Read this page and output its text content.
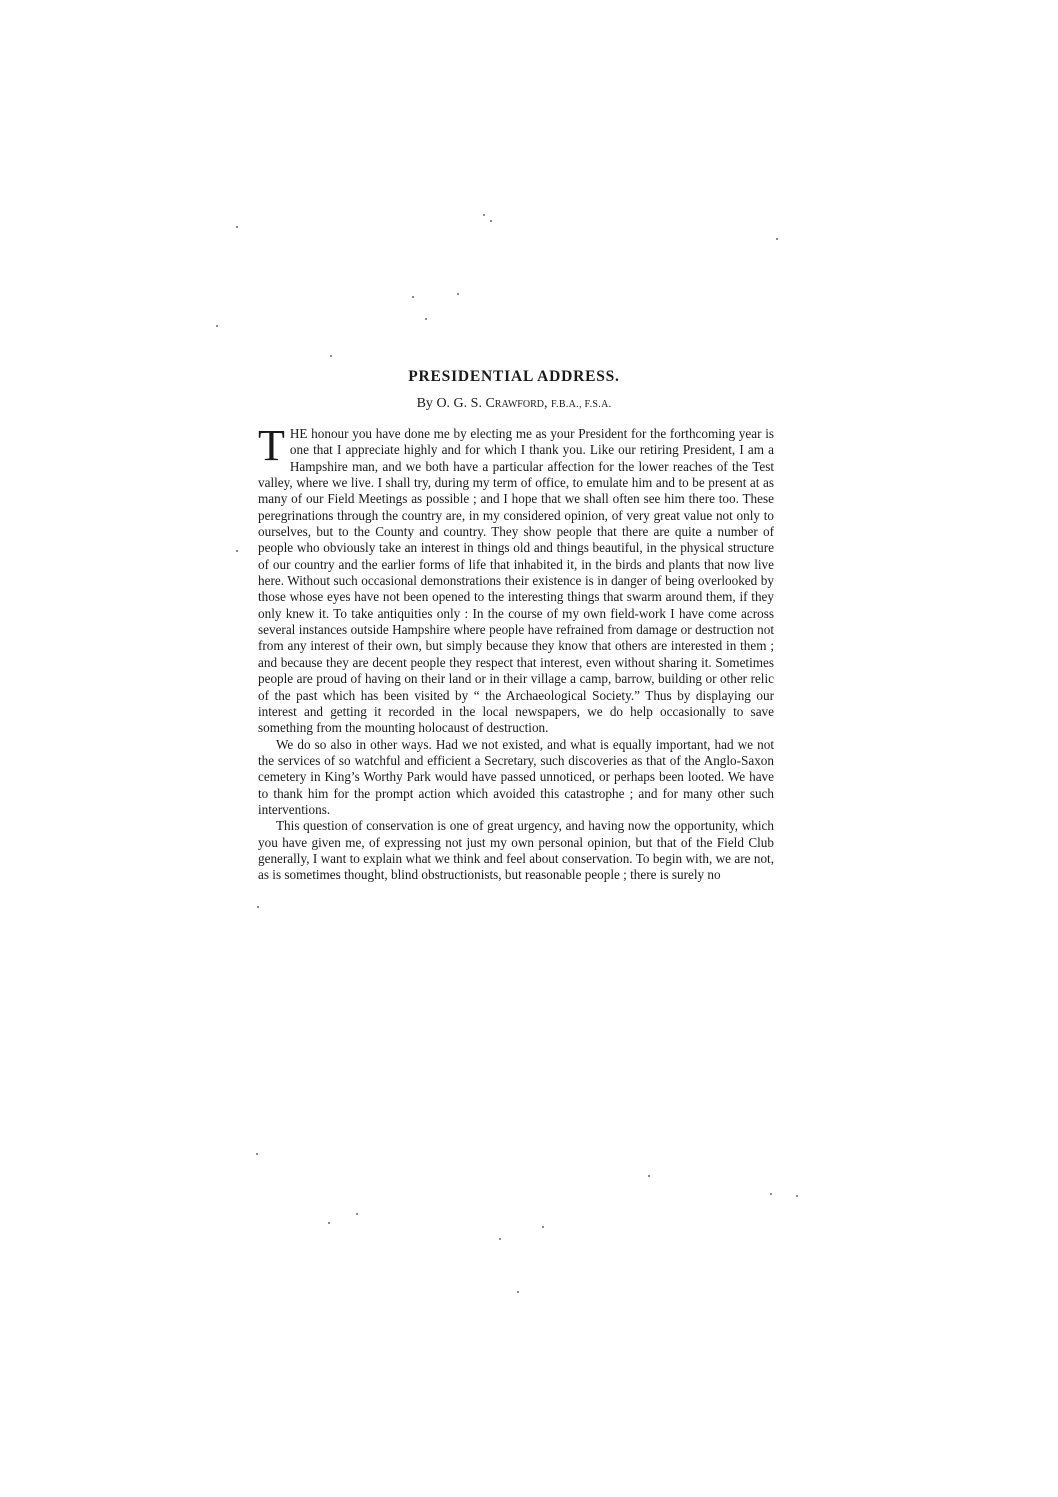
PRESIDENTIAL ADDRESS.

By O. G. S. Crawford, F.B.A., F.S.A.

THE honour you have done me by electing me as your President for the forthcoming year is one that I appreciate highly and for which I thank you. Like our retiring President, I am a Hampshire man, and we both have a particular affection for the lower reaches of the Test valley, where we live. I shall try, during my term of office, to emulate him and to be present at as many of our Field Meetings as possible ; and I hope that we shall often see him there too. These peregrinations through the country are, in my considered opinion, of very great value not only to ourselves, but to the County and country. They show people that there are quite a number of people who obviously take an interest in things old and things beautiful, in the physical structure of our country and the earlier forms of life that inhabited it, in the birds and plants that now live here. Without such occasional demonstrations their existence is in danger of being overlooked by those whose eyes have not been opened to the interesting things that swarm around them, if they only knew it. To take antiquities only : In the course of my own field-work I have come across several instances outside Hampshire where people have refrained from damage or destruction not from any interest of their own, but simply because they know that others are interested in them ; and because they are decent people they respect that interest, even without sharing it. Sometimes people are proud of having on their land or in their village a camp, barrow, building or other relic of the past which has been visited by “ the Archaeological Society.” Thus by displaying our interest and getting it recorded in the local newspapers, we do help occasionally to save something from the mounting holocaust of destruction.

We do so also in other ways. Had we not existed, and what is equally important, had we not the services of so watchful and efficient a Secretary, such discoveries as that of the Anglo-Saxon cemetery in King’s Worthy Park would have passed unnoticed, or perhaps been looted. We have to thank him for the prompt action which avoided this catastrophe ; and for many other such interventions.

This question of conservation is one of great urgency, and having now the opportunity, which you have given me, of expressing not just my own personal opinion, but that of the Field Club generally, I want to explain what we think and feel about conservation. To begin with, we are not, as is sometimes thought, blind obstructionists, but reasonable people ; there is surely no
